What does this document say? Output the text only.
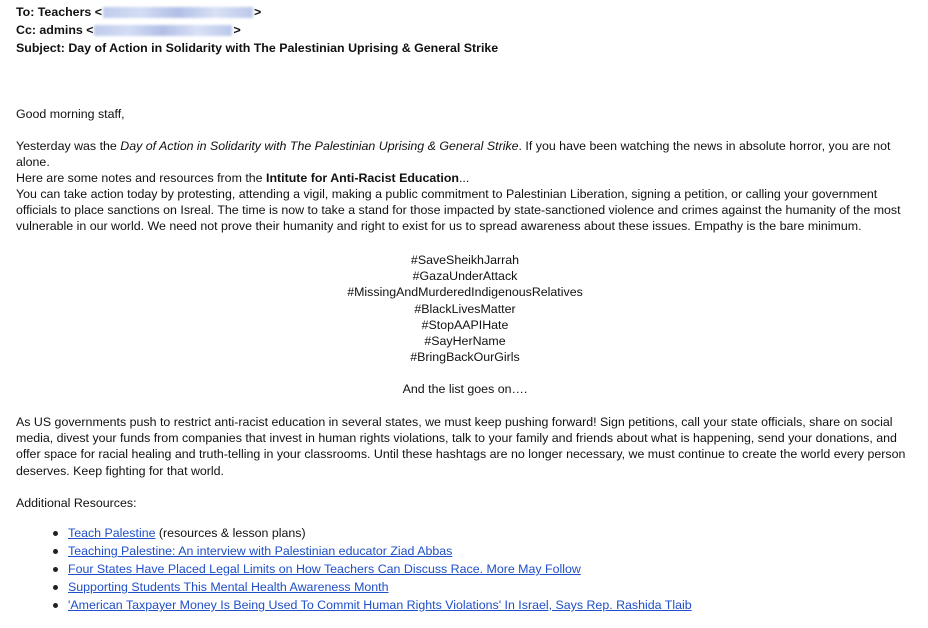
To: Teachers <	>
Cc: admins <	>
Subject: Day of Action in Solidarity with The Palestinian Uprising & General Strike

Good morning staff,

Yesterday was the Day of Action in Solidarity with The Palestinian Uprising & General Strike. If you have been watching the news in absolute horror, you are not alone.

Here are some notes and resources from the Intitute for Anti-Racist Education...

You can take action today by protesting, attending a vigil, making a public commitment to Palestinian Liberation, signing a petition, or calling your government officials to place sanctions on Isreal. The time is now to take a stand for those impacted by state-sanctioned violence and crimes against the humanity of the most vulnerable in our world. We need not prove their humanity and right to exist for us to spread awareness about these issues. Empathy is the bare minimum.

#SaveSheikhJarrah
#GazaUnderAttack
#MissingAndMurderedIndigenousRelatives
#BlackLivesMatter
#StopAAPIHate
#SayHerName
#BringBackOurGirls

And the list goes on….

As US governments push to restrict anti-racist education in several states, we must keep pushing forward! Sign petitions, call your state officials, share on social media, divest your funds from companies that invest in human rights violations, talk to your family and friends about what is happening, send your donations, and offer space for racial healing and truth-telling in your classrooms. Until these hashtags are no longer necessary, we must continue to create the world every person deserves. Keep fighting for that world.

Additional Resources:

Teach Palestine (resources & lesson plans)
Teaching Palestine: An interview with Palestinian educator Ziad Abbas
Four States Have Placed Legal Limits on How Teachers Can Discuss Race. More May Follow
Supporting Students This Mental Health Awareness Month
'American Taxpayer Money Is Being Used To Commit Human Rights Violations' In Israel, Says Rep. Rashida Tlaib
